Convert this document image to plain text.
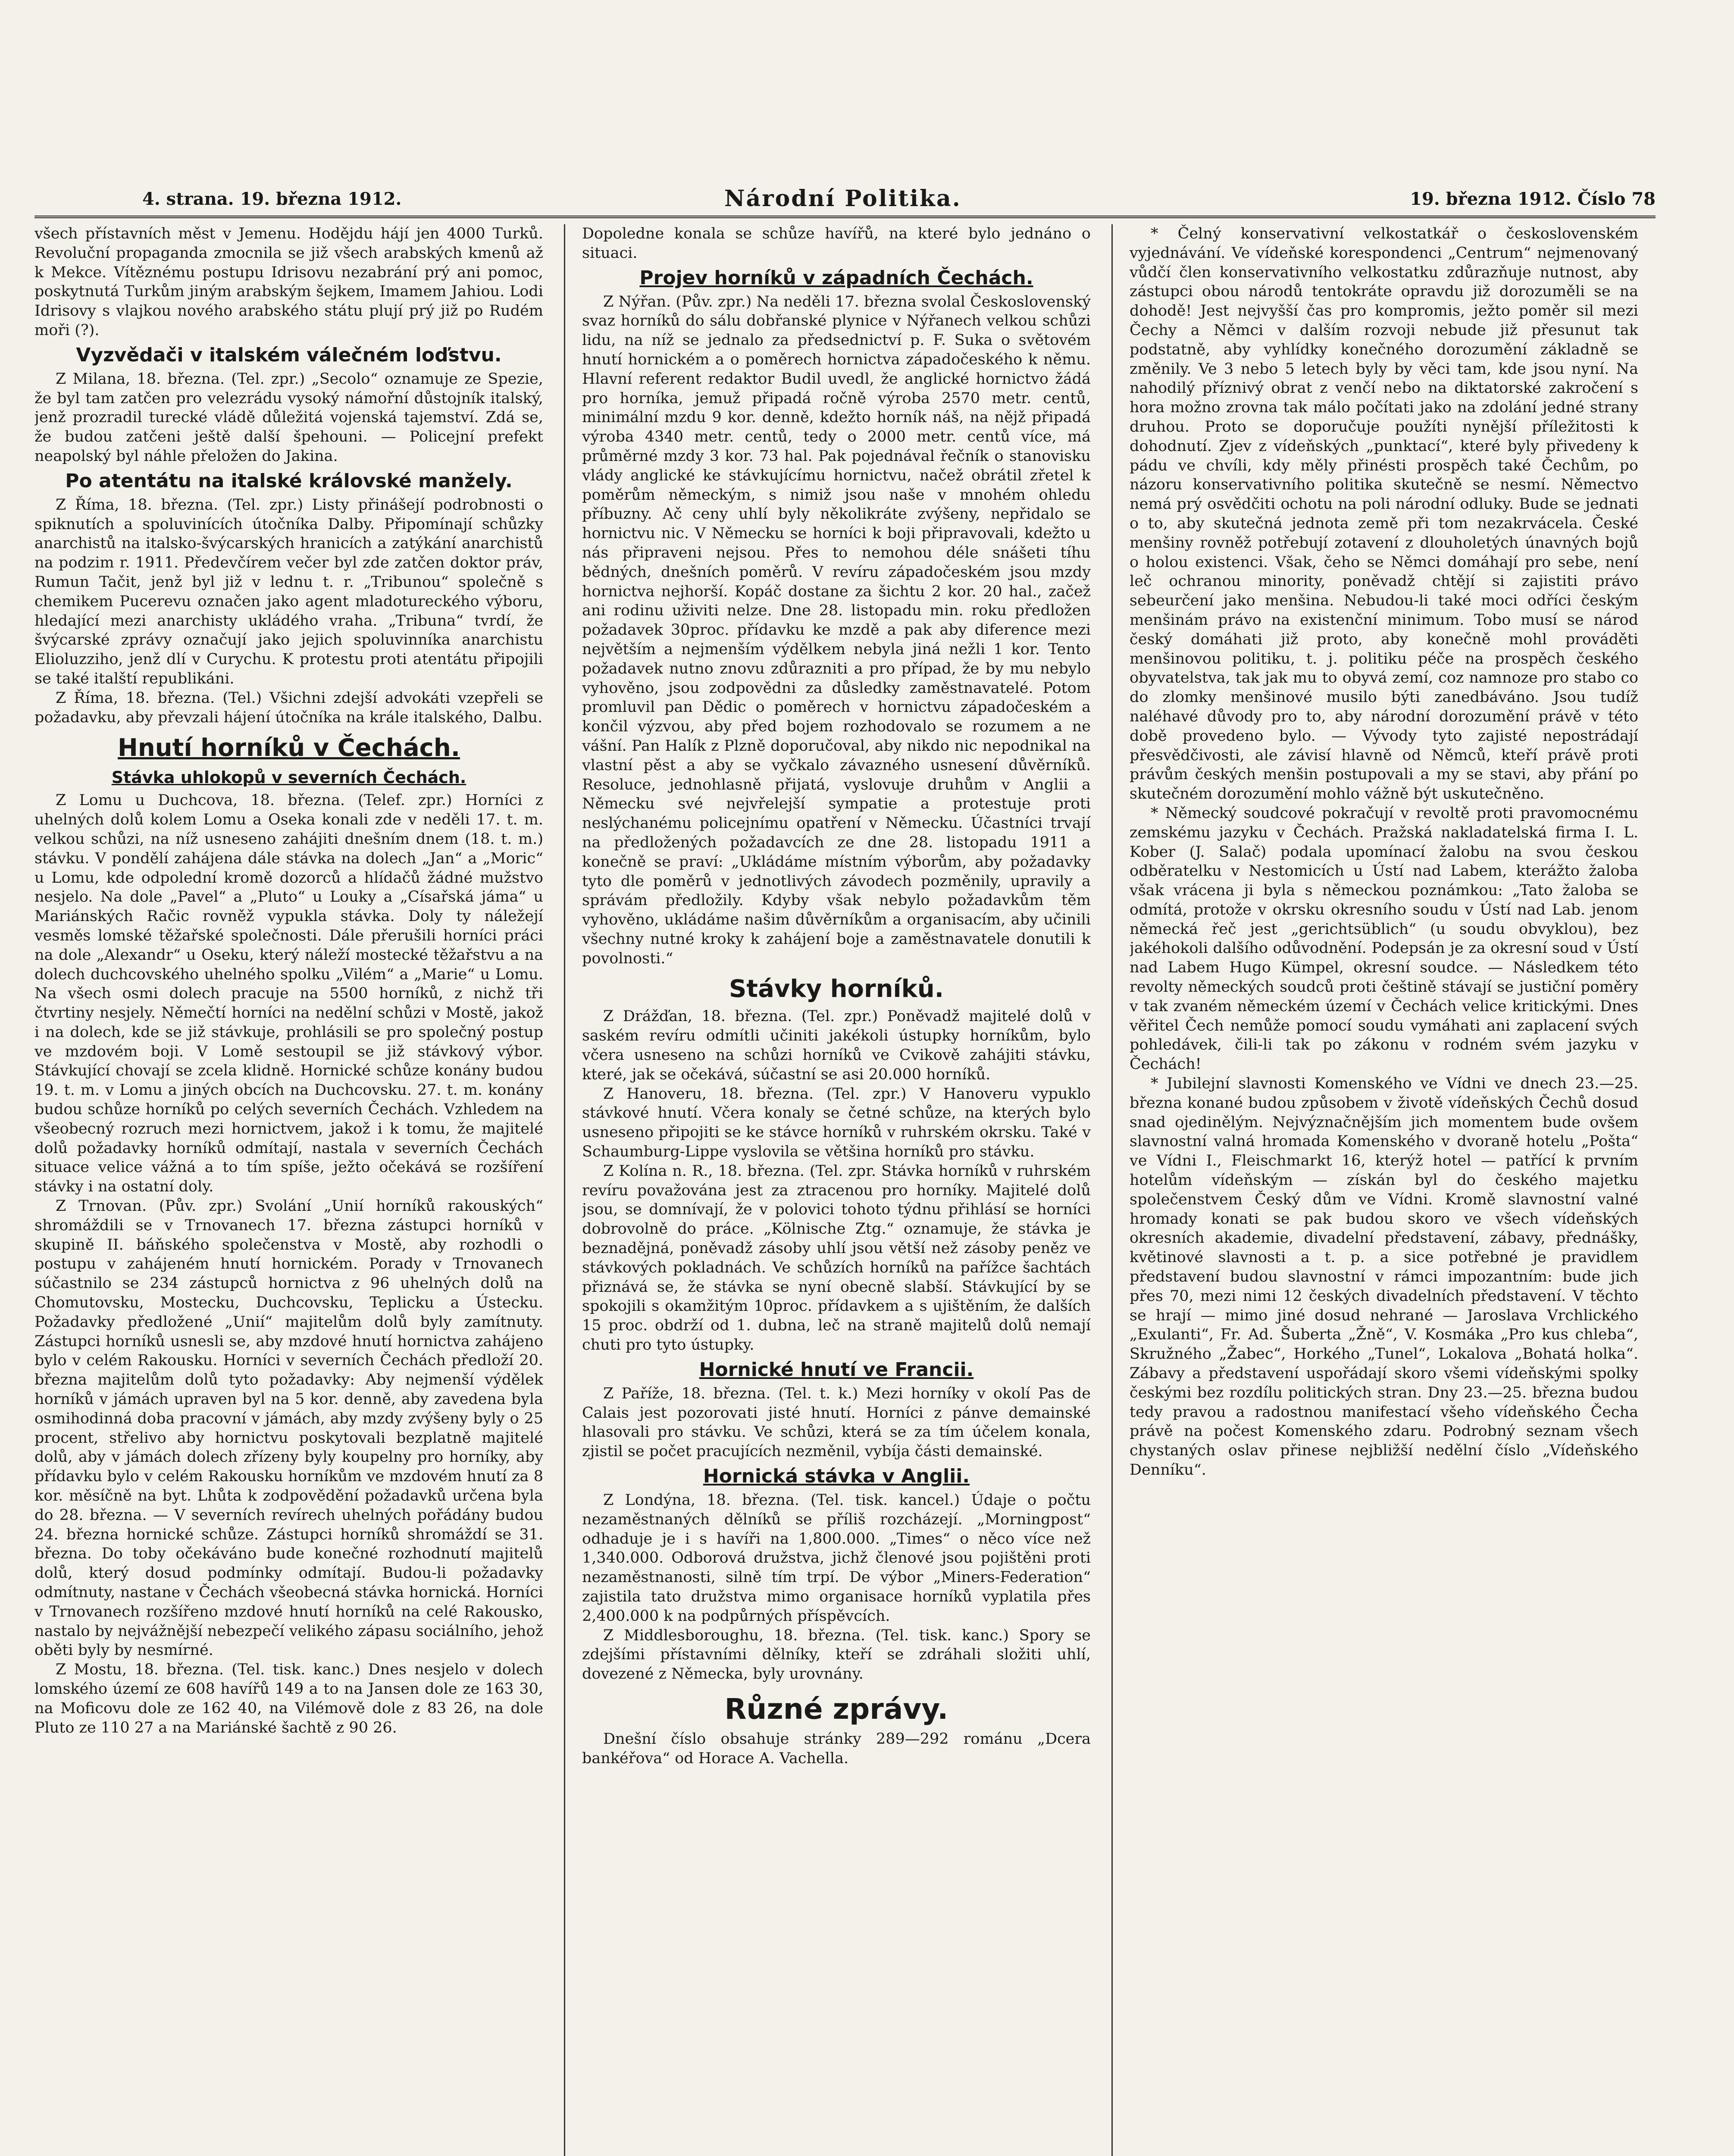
4. strana. 19. března 1912.	Národní Politika.	19. března 1912. Číslo 78

všech přístavních měst v Jemenu. Hodějdu hájí jen 4000 Turků. Revoluční propaganda zmocnila se již všech arabských kmenů až k Mekce. Vítěznému postupu Idrisovu nezabrání prý ani pomoc, poskytnutá Turkům jiným arabským šejkem, Imamem Jahiou. Lodi Idrisovy s vlajkou nového arabského státu plují prý již po Rudém moři (?).

Vyzvědači v italském válečném loďstvu.

Z Milana, 18. března. (Tel. zpr.) „Secolo“ oznamuje ze Spezie, že byl tam zatčen pro velezrádu vysoký námořní důstojník italský, jenž prozradil turecké vládě důležitá vojenská tajemství. Zdá se, že budou zatčeni ještě další špehouni. — Policejní prefekt neapolský byl náhle přeložen do Jakina.

Po atentátu na italské královské manžely.

Z Říma, 18. března. (Tel. zpr.) Listy přinášejí podrobnosti o spiknutích a spoluvinících útočníka Dalby. Připomínají schůzky anarchistů na italsko-švýcarských hranicích a zatýkání anarchistů na podzim r. 1911. Předevčírem večer byl zde zatčen doktor práv, Rumun Tačit, jenž byl již v lednu t. r. „Tribunou“ společně s chemikem Pucerevu označen jako agent mladotureckého výboru, hledající mezi anarchisty ukládého vraha. „Tribuna“ tvrdí, že švýcarské zprávy označují jako jejich spoluvinníka anarchistu Elioluzziho, jenž dlí v Curychu. K protestu proti atentátu připojili se také italští republikáni.

Z Říma, 18. března. (Tel.) Všichni zdejší advokáti vzepřeli se požadavku, aby převzali hájení útočníka na krále italského, Dalbu.

Hnutí horníků v Čechách.
Stávka uhlokopů v severních Čechách.

Z Lomu u Duchcova, 18. března. (Telef. zpr.) Horníci z uhelných dolů kolem Lomu a Oseka konali zde v neděli 17. t. m. velkou schůzi, na níž usneseno zahájiti dnešním dnem (18. t. m.) stávku. V pondělí zahájena dále stávka na dolech „Jan“ a „Moric“ u Lomu, kde odpolední kromě dozorců a hlídačů žádné mužstvo nesjelo. Na dole „Pavel“ a „Pluto“ u Louky a „Císařská jáma“ u Mariánských Račic rovněž vypukla stávka. Doly ty náležejí vesměs lomské těžařské společnosti. Dále přerušili horníci práci na dole „Alexandr“ u Oseku, který náleží mostecké těžařstvu a na dolech duchcovského uhelného spolku „Vilém“ a „Marie“ u Lomu. Na všech osmi dolech pracuje na 5500 horníků, z nichž tři čtvrtiny nesjely. Němečtí horníci na nedělní schůzi v Mostě, jakož i na dolech, kde se již stávkuje, prohlásili se pro společný postup ve mzdovém boji. V Lomě sestoupil se již stávkový výbor. Stávkující chovají se zcela klidně. Hornické schůze konány budou 19. t. m. v Lomu a jiných obcích na Duchcovsku. 27. t. m. konány budou schůze horníků po celých severních Čechách. Vzhledem na všeobecný rozruch mezi hornictvem, jakož i k tomu, že majitelé dolů požadavky horníků odmítají, nastala v severních Čechách situace velice vážná a to tím spíše, ježto očekává se rozšíření stávky i na ostatní doly.

Z Trnovan. (Pův. zpr.) Svolání „Unií horníků rakouských“ shromáždili se v Trnovanech 17. března zástupci horníků v skupině II. báňského společenstva v Mostě, aby rozhodli o postupu v zahájeném hnutí hornickém. Porady v Trnovanech súčastnilo se 234 zástupců hornictva z 96 uhelných dolů na Chomutovsku, Mostecku, Duchcovsku, Teplicku a Ústecku. Požadavky předložené „Unií“ majitelům dolů byly zamítnuty. Zástupci horníků usnesli se, aby mzdové hnutí hornictva zahájeno bylo v celém Rakousku. Horníci v severních Čechách předloží 20. března majitelům dolů tyto požadavky: Aby nejmenší výdělek horníků v jámách upraven byl na 5 kor. denně, aby zavedena byla osmihodinná doba pracovní v jámách, aby mzdy zvýšeny byly o 25 procent, střelivo aby hornictvu poskytovali bezplatně majitelé dolů, aby v jámách dolech zřízeny byly koupelny pro horníky, aby přídavku bylo v celém Rakousku horníkům ve mzdovém hnutí za 8 kor. měsíčně na byt. Lhůta k zodpovědění požadavků určena byla do 28. března. — V severních revírech uhelných pořádány budou 24. března hornické schůze. Zástupci horníků shromáždí se 31. března. Do toby očekáváno bude konečné rozhodnutí majitelů dolů, který dosud podmínky odmítají. Budou-li požadavky odmítnuty, nastane v Čechách všeobecná stávka hornická. Horníci v Trnovanech rozšířeno mzdové hnutí horníků na celé Rakousko, nastalo by nejvážnější nebezpečí velikého zápasu sociálního, jehož oběti byly by nesmírné.

Z Mostu, 18. března. (Tel. tisk. kanc.) Dnes nesjelo v dolech lomského území ze 608 havířů 149 a to na Jansen dole ze 163 30, na Moficovu dole ze 162 40, na Vilémově dole z 83 26, na dole Pluto ze 110 27 a na Mariánské šachtě z 90 26.

Dopoledne konala se schůze havířů, na které bylo jednáno o situaci.

Projev horníků v západních Čechách.

Z Nýřan. (Pův. zpr.) Na neděli 17. března svolal Československý svaz horníků do sálu dobřanské plynice v Nýřanech velkou schůzi lidu, na níž se jednalo za předsednictví p. F. Suka o světovém hnutí hornickém a o poměrech hornictva západočeského k němu. Hlavní referent redaktor Budil uvedl, že anglické hornictvo žádá pro horníka, jemuž připadá ročně výroba 2570 metr. centů, minimální mzdu 9 kor. denně, kdežto horník náš, na nějž připadá výroba 4340 metr. centů, tedy o 2000 metr. centů více, má průměrné mzdy 3 kor. 73 hal. Pak pojednával řečník o stanovisku vlády anglické ke stávkujícímu hornictvu, načež obrátil zřetel k poměrům německým, s nimiž jsou naše v mnohém ohledu příbuzny. Ač ceny uhlí byly několikráte zvýšeny, nepřidalo se hornictvu nic. V Německu se horníci k boji připravovali, kdežto u nás připraveni nejsou. Přes to nemohou déle snášeti tíhu bědných, dnešních poměrů. V revíru západočeském jsou mzdy hornictva nejhorší. Kopáč dostane za šichtu 2 kor. 20 hal., začež ani rodinu uživiti nelze. Dne 28. listopadu min. roku předložen požadavek 30proc. přídavku ke mzdě a pak aby diference mezi největším a nejmenším výdělkem nebyla jiná nežli 1 kor. Tento požadavek nutno znovu zdůrazniti a pro případ, že by mu nebylo vyhověno, jsou zodpovědni za důsledky zaměstnavatelé. Potom promluvil pan Dědic o poměrech v hornictvu západočeském a končil výzvou, aby před bojem rozhodovalo se rozumem a ne vášní. Pan Halík z Plzně doporučoval, aby nikdo nic nepodnikal na vlastní pěst a aby se vyčkalo závazného usnesení důvěrníků. Resoluce, jednohlasně přijatá, vyslovuje druhům v Anglii a Německu své nejvřelejší sympatie a protestuje proti neslýchanému policejnímu opatření v Německu. Účastníci trvají na předložených požadavcích ze dne 28. listopadu 1911 a konečně se praví: „Ukládáme místním výborům, aby požadavky tyto dle poměrů v jednotlivých závodech pozměnily, upravily a správám předložily. Kdyby však nebylo požadavkům těm vyhověno, ukládáme našim důvěrníkům a organisacím, aby učinili všechny nutné kroky k zahájení boje a zaměstnavatele donutili k povolnosti.“

Stávky horníků.

Z Drážďan, 18. března. (Tel. zpr.) Poněvadž majitelé dolů v saském revíru odmítli učiniti jakékoli ústupky horníkům, bylo včera usneseno na schůzi horníků ve Cvikově zahájiti stávku, které, jak se očekává, súčastní se asi 20.000 horníků.

Z Hanoveru, 18. března. (Tel. zpr.) V Hanoveru vypuklo stávkové hnutí. Včera konaly se četné schůze, na kterých bylo usneseno připojiti se ke stávce horníků v ruhrském okrsku. Také v Schaumburg-Lippe vyslovila se většina horníků pro stávku.

Z Kolína n. R., 18. března. (Tel. zpr. Stávka horníků v ruhrském revíru považována jest za ztracenou pro horníky. Majitelé dolů jsou, se domnívají, že v polovici tohoto týdnu přihlásí se horníci dobrovolně do práce. „Kölnische Ztg.“ oznamuje, že stávka je beznadějná, poněvadž zásoby uhlí jsou větší než zásoby peněz ve stávkových pokladnách. Ve schůzích horníků na pařížce šachtách přiznává se, že stávka se nyní obecně slabší. Stávkující by se spokojili s okamžitým 10proc. přídavkem a s ujištěním, že dalších 15 proc. obdrží od 1. dubna, leč na straně majitelů dolů nemají chuti pro tyto ústupky.

Hornické hnutí ve Francii.

Z Paříže, 18. března. (Tel. t. k.) Mezi horníky v okolí Pas de Calais jest pozorovati jisté hnutí. Horníci z pánve demainské hlasovali pro stávku. Ve schůzi, která se za tím účelem konala, zjistil se počet pracujících nezměnil, vybíja části demainské.

Hornická stávka v Anglii.

Z Londýna, 18. března. (Tel. tisk. kancel.) Údaje o počtu nezaměstnaných dělníků se příliš rozcházejí. „Morningpost“ odhaduje je i s havíři na 1,800.000. „Times“ o něco více než 1,340.000. Odborová družstva, jichž členové jsou pojištěni proti nezaměstnanosti, silně tím trpí. De výbor „Miners-Federation“ zajistila tato družstva mimo organisace horníků vyplatila přes 2,400.000 k na podpůrných příspěvcích.

Z Middlesboroughu, 18. března. (Tel. tisk. kanc.) Spory se zdejšími přístavními dělníky, kteří se zdráhali složiti uhlí, dovezené z Německa, byly urovnány.

Různé zprávy.

Dnešní číslo obsahuje stránky 289—292 románu „Dcera bankéřova“ od Horace A. Vachella.

* Čelný konservativní velkostatkář o československém vyjednávání. Ve vídeňské korespondenci „Centrum“ nejmenovaný vůdčí člen konservativního velkostatku zdůrazňuje nutnost, aby zástupci obou národů tentokráte opravdu již dorozuměli se na dohodě! Jest nejvyšší čas pro kompromis, ježto poměr sil mezi Čechy a Němci v dalším rozvoji nebude již přesunut tak podstatně, aby vyhlídky konečného dorozumění základně se změnily. Ve 3 nebo 5 letech byly by věci tam, kde jsou nyní. Na nahodilý příznivý obrat z venčí nebo na diktatorské zakročení s hora možno zrovna tak málo počítati jako na zdolání jedné strany druhou. Proto se doporučuje použíti nynější příležitosti k dohodnutí. Zjev z vídeňských „punktací“, které byly přivedeny k pádu ve chvíli, kdy měly přinésti prospěch také Čechům, po názoru konservativního politika skutečně se nesmí. Němectvo nemá prý osvědčiti ochotu na poli národní odluky. Bude se jednati o to, aby skutečná jednota země při tom nezakrvácela. České menšiny rovněž potřebují zotavení z dlouholetých únavných bojů o holou existenci. Však, čeho se Němci domáhají pro sebe, není leč ochranou minority, poněvadž chtějí si zajistiti právo sebeurčení jako menšina. Nebudou-li také moci odříci českým menšinám právo na existenční minimum. Tobo musí se národ český domáhati již proto, aby konečně mohl prováděti menšinovou politiku, t. j. politiku péče na prospěch českého obyvatelstva, tak jak mu to obyvá zemí, coz namnoze pro stabo co do zlomky menšinové musilo býti zanedbáváno. Jsou tudíž naléhavé důvody pro to, aby národní dorozumění právě v této době provedeno bylo. — Vývody tyto zajisté nepostrádají přesvědčivosti, ale závisí hlavně od Němců, kteří právě proti právům českých menšin postupovali a my se stavi, aby přání po skutečném dorozumění mohlo vážně být uskutečněno.

* Německý soudcové pokračují v revoltě proti pravomocnému zemskému jazyku v Čechách. Pražská nakladatelská firma I. L. Kober (J. Salač) podala upomínací žalobu na svou českou odběratelku v Nestomicích u Ústí nad Labem, kterážto žaloba však vrácena ji byla s německou poznámkou: „Tato žaloba se odmítá, protože v okrsku okresního soudu v Ústí nad Lab. jenom německá řeč jest „gerichtsüblich“ (u soudu obvyklou), bez jakéhokoli dalšího odůvodnění. Podepsán je za okresní soud v Ústí nad Labem Hugo Kümpel, okresní soudce. — Následkem této revolty německých soudců proti češtině stávají se justiční poměry v tak zvaném německém území v Čechách velice kritickými. Dnes věřitel Čech nemůže pomocí soudu vymáhati ani zaplacení svých pohledávek, čili-li tak po zákonu v rodném svém jazyku v Čechách!

* Jubilejní slavnosti Komenského ve Vídni ve dnech 23.—25. března konané budou způsobem v životě vídeňských Čechů dosud snad ojedinělým. Nejvýznačnějším jich momentem bude ovšem slavnostní valná hromada Komenského v dvoraně hotelu „Pošta“ ve Vídni I., Fleischmarkt 16, kterýž hotel — patřící k prvním hotelům vídeňským — získán byl do českého majetku společenstvem Český dům ve Vídni. Kromě slavnostní valné hromady konati se pak budou skoro ve všech vídeňských okresních akademie, divadelní představení, zábavy, přednášky, květinové slavnosti a t. p. a sice potřebné je pravidlem představení budou slavnostní v rámci impozantním: bude jich přes 70, mezi nimi 12 českých divadelních představení. V těchto se hrají — mimo jiné dosud nehrané — Jaroslava Vrchlického „Exulanti“, Fr. Ad. Šuberta „Žně“, V. Kosmáka „Pro kus chleba“, Skružného „Žabec“, Horkého „Tunel“, Lokalova „Bohatá holka“. Zábavy a představení uspořádají skoro všemi vídeňskými spolky českými bez rozdílu politických stran. Dny 23.—25. března budou tedy pravou a radostnou manifestací všeho vídeňského Čecha právě na počest Komenského zdaru. Podrobný seznam všech chystaných oslav přinese nejbližší nedělní číslo „Vídeňského Denníku“.
